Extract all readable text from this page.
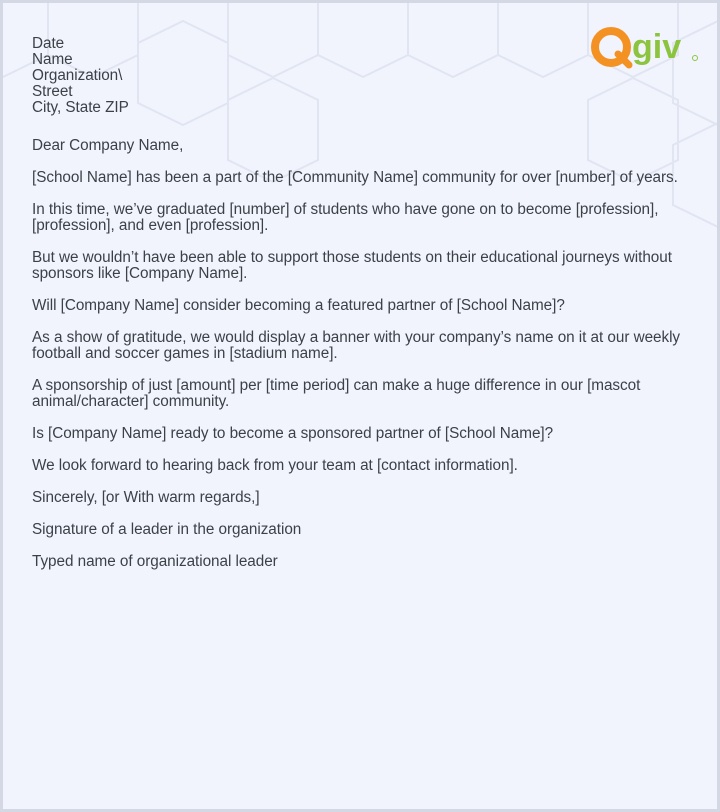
giv
Date
Name
Organization\
Street
City, State ZIP

Dear Company Name,

[School Name] has been a part of the [Community Name] community for over [number] of years.

In this time, we’ve graduated [number] of students who have gone on to become [profession], [profession], and even [profession].

But we wouldn’t have been able to support those students on their educational journeys without sponsors like [Company Name].

Will [Company Name] consider becoming a featured partner of [School Name]?

As a show of gratitude, we would display a banner with your company’s name on it at our weekly football and soccer games in [stadium name].

A sponsorship of just [amount] per [time period] can make a huge difference in our [mascot animal/character] community.

Is [Company Name] ready to become a sponsored partner of [School Name]?

We look forward to hearing back from your team at [contact information].

Sincerely, [or With warm regards,]

Signature of a leader in the organization

Typed name of organizational leader
